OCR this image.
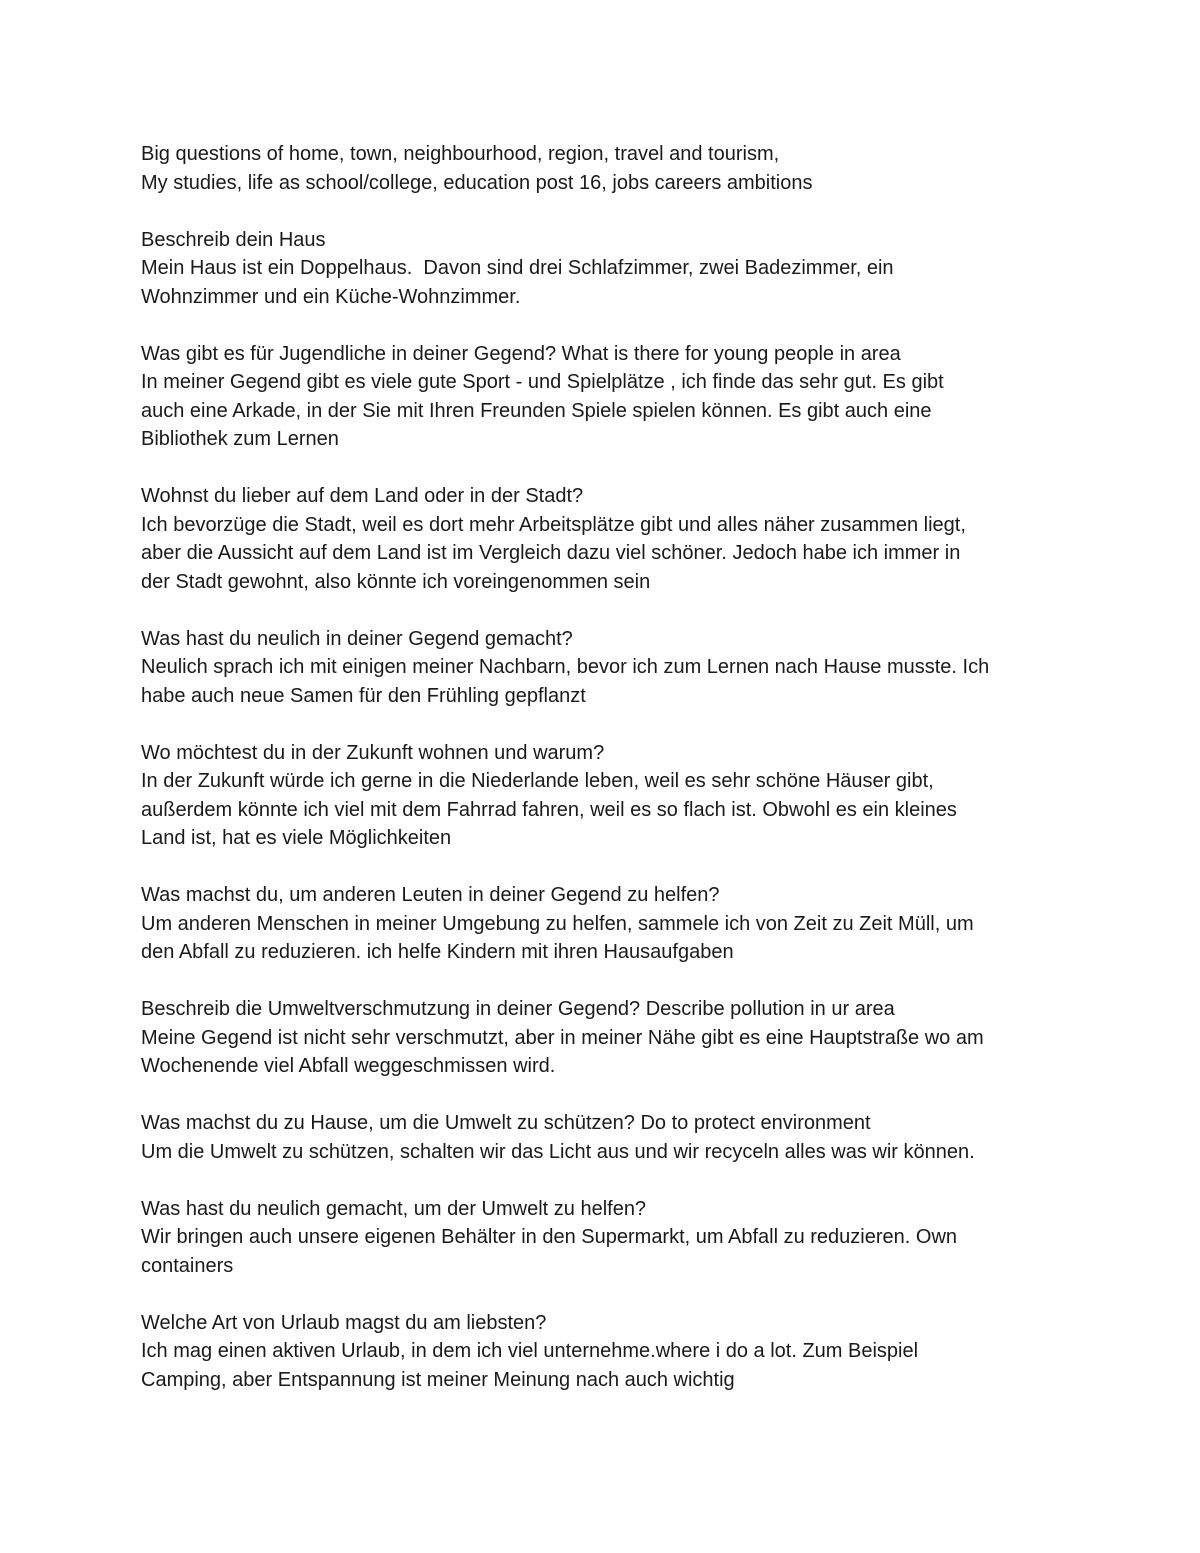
Big questions of home, town, neighbourhood, region, travel and tourism,
My studies, life as school/college, education post 16, jobs careers ambitions
Beschreib dein Haus
Mein Haus ist ein Doppelhaus.  Davon sind drei Schlafzimmer, zwei Badezimmer, ein
Wohnzimmer und ein Küche-Wohnzimmer.
Was gibt es für Jugendliche in deiner Gegend? What is there for young people in area
In meiner Gegend gibt es viele gute Sport - und Spielplätze , ich finde das sehr gut. Es gibt
auch eine Arkade, in der Sie mit Ihren Freunden Spiele spielen können. Es gibt auch eine
Bibliothek zum Lernen
Wohnst du lieber auf dem Land oder in der Stadt?
Ich bevorzüge die Stadt, weil es dort mehr Arbeitsplätze gibt und alles näher zusammen liegt,
aber die Aussicht auf dem Land ist im Vergleich dazu viel schöner. Jedoch habe ich immer in
der Stadt gewohnt, also könnte ich voreingenommen sein
Was hast du neulich in deiner Gegend gemacht?
Neulich sprach ich mit einigen meiner Nachbarn, bevor ich zum Lernen nach Hause musste. Ich
habe auch neue Samen für den Frühling gepflanzt
Wo möchtest du in der Zukunft wohnen und warum?
In der Zukunft würde ich gerne in die Niederlande leben, weil es sehr schöne Häuser gibt,
außerdem könnte ich viel mit dem Fahrrad fahren, weil es so flach ist. Obwohl es ein kleines
Land ist, hat es viele Möglichkeiten
Was machst du, um anderen Leuten in deiner Gegend zu helfen?
Um anderen Menschen in meiner Umgebung zu helfen, sammele ich von Zeit zu Zeit Müll, um
den Abfall zu reduzieren. ich helfe Kindern mit ihren Hausaufgaben
Beschreib die Umweltverschmutzung in deiner Gegend? Describe pollution in ur area
Meine Gegend ist nicht sehr verschmutzt, aber in meiner Nähe gibt es eine Hauptstraße wo am
Wochenende viel Abfall weggeschmissen wird.
Was machst du zu Hause, um die Umwelt zu schützen? Do to protect environment
Um die Umwelt zu schützen, schalten wir das Licht aus und wir recyceln alles was wir können.
Was hast du neulich gemacht, um der Umwelt zu helfen?
Wir bringen auch unsere eigenen Behälter in den Supermarkt, um Abfall zu reduzieren. Own
containers
Welche Art von Urlaub magst du am liebsten?
Ich mag einen aktiven Urlaub, in dem ich viel unternehme.where i do a lot. Zum Beispiel
Camping, aber Entspannung ist meiner Meinung nach auch wichtig
